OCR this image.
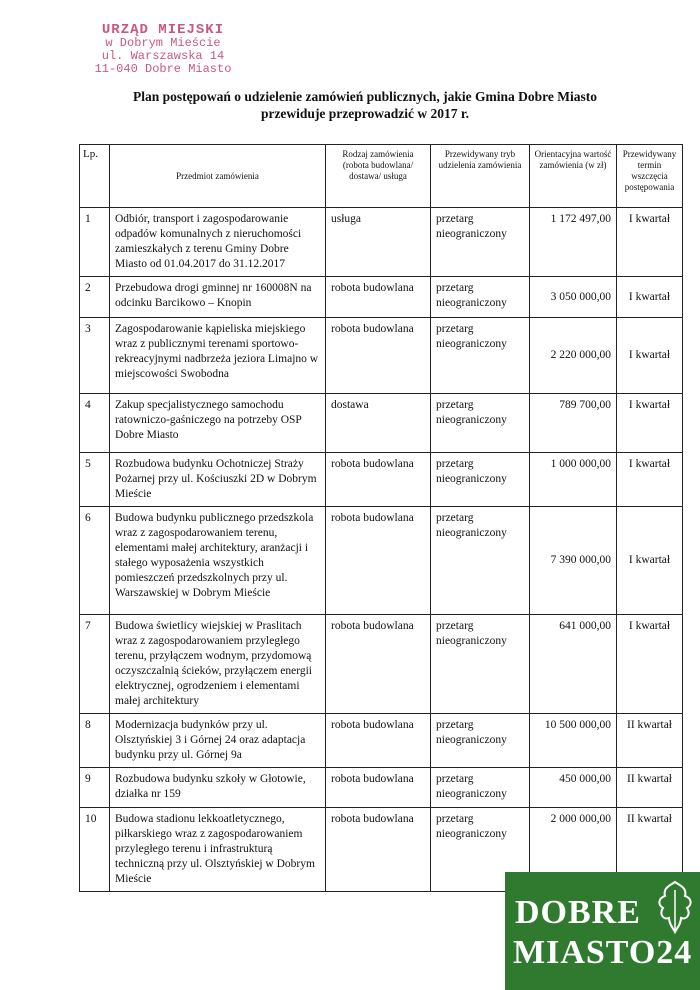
URZĄD MIEJSKI
w Dobrym Mieście
ul. Warszawska 14
11-040 Dobre Miasto
Plan postępowań o udzielenie zamówień publicznych, jakie Gmina Dobre Miasto
przewiduje przeprowadzić w 2017 r.
Lp.	Przedmiot zamówienia	Rodzaj zamówienia (robota budowlana/ dostawa/ usługa	Przewidywany tryb udzielenia zamówienia	Orientacyjna wartość zamówienia (w zł)	Przewidywany termin wszczęcia postępowania
1	Odbiór, transport i zagospodarowanie odpadów komunalnych z nieruchomości zamieszkałych z terenu Gminy Dobre Miasto od 01.04.2017 do 31.12.2017	usługa	przetarg nieograniczony	1 172 497,00	I kwartał
2	Przebudowa drogi gminnej nr 160008N na odcinku Barcikowo – Knopin	robota budowlana	przetarg nieograniczony	3 050 000,00	I kwartał
3	Zagospodarowanie kąpieliska miejskiego wraz z publicznymi terenami sportowo-rekreacyjnymi nadbrzeża jeziora Limajno w miejscowości Swobodna	robota budowlana	przetarg nieograniczony	2 220 000,00	I kwartał
4	Zakup specjalistycznego samochodu ratowniczo-gaśniczego na potrzeby OSP Dobre Miasto	dostawa	przetarg nieograniczony	789 700,00	I kwartał
5	Rozbudowa budynku Ochotniczej Straży Pożarnej przy ul. Kościuszki 2D w Dobrym Mieście	robota budowlana	przetarg nieograniczony	1 000 000,00	I kwartał
6	Budowa budynku publicznego przedszkola wraz z zagospodarowaniem terenu, elementami małej architektury, aranżacji i stałego wyposażenia wszystkich pomieszczeń przedszkolnych przy ul. Warszawskiej w Dobrym Mieście	robota budowlana	przetarg nieograniczony	7 390 000,00	I kwartał
7	Budowa świetlicy wiejskiej w Praslitach wraz z zagospodarowaniem przyległego terenu, przyłączem wodnym, przydomową oczyszczalnią ścieków, przyłączem energii elektrycznej, ogrodzeniem i elementami małej architektury	robota budowlana	przetarg nieograniczony	641 000,00	I kwartał
8	Modernizacja budynków przy ul. Olsztyńskiej 3 i Górnej 24 oraz adaptacja budynku przy ul. Górnej 9a	robota budowlana	przetarg nieograniczony	10 500 000,00	II kwartał
9	Rozbudowa budynku szkoły w Głotowie, działka nr 159	robota budowlana	przetarg nieograniczony	450 000,00	II kwartał
10	Budowa stadionu lekkoatletycznego, piłkarskiego wraz z zagospodarowaniem przyległego terenu i infrastrukturą techniczną przy ul. Olsztyńskiej w Dobrym Mieście	robota budowlana	przetarg nieograniczony	2 000 000,00	II kwartał
DOBRE
MIASTO24
